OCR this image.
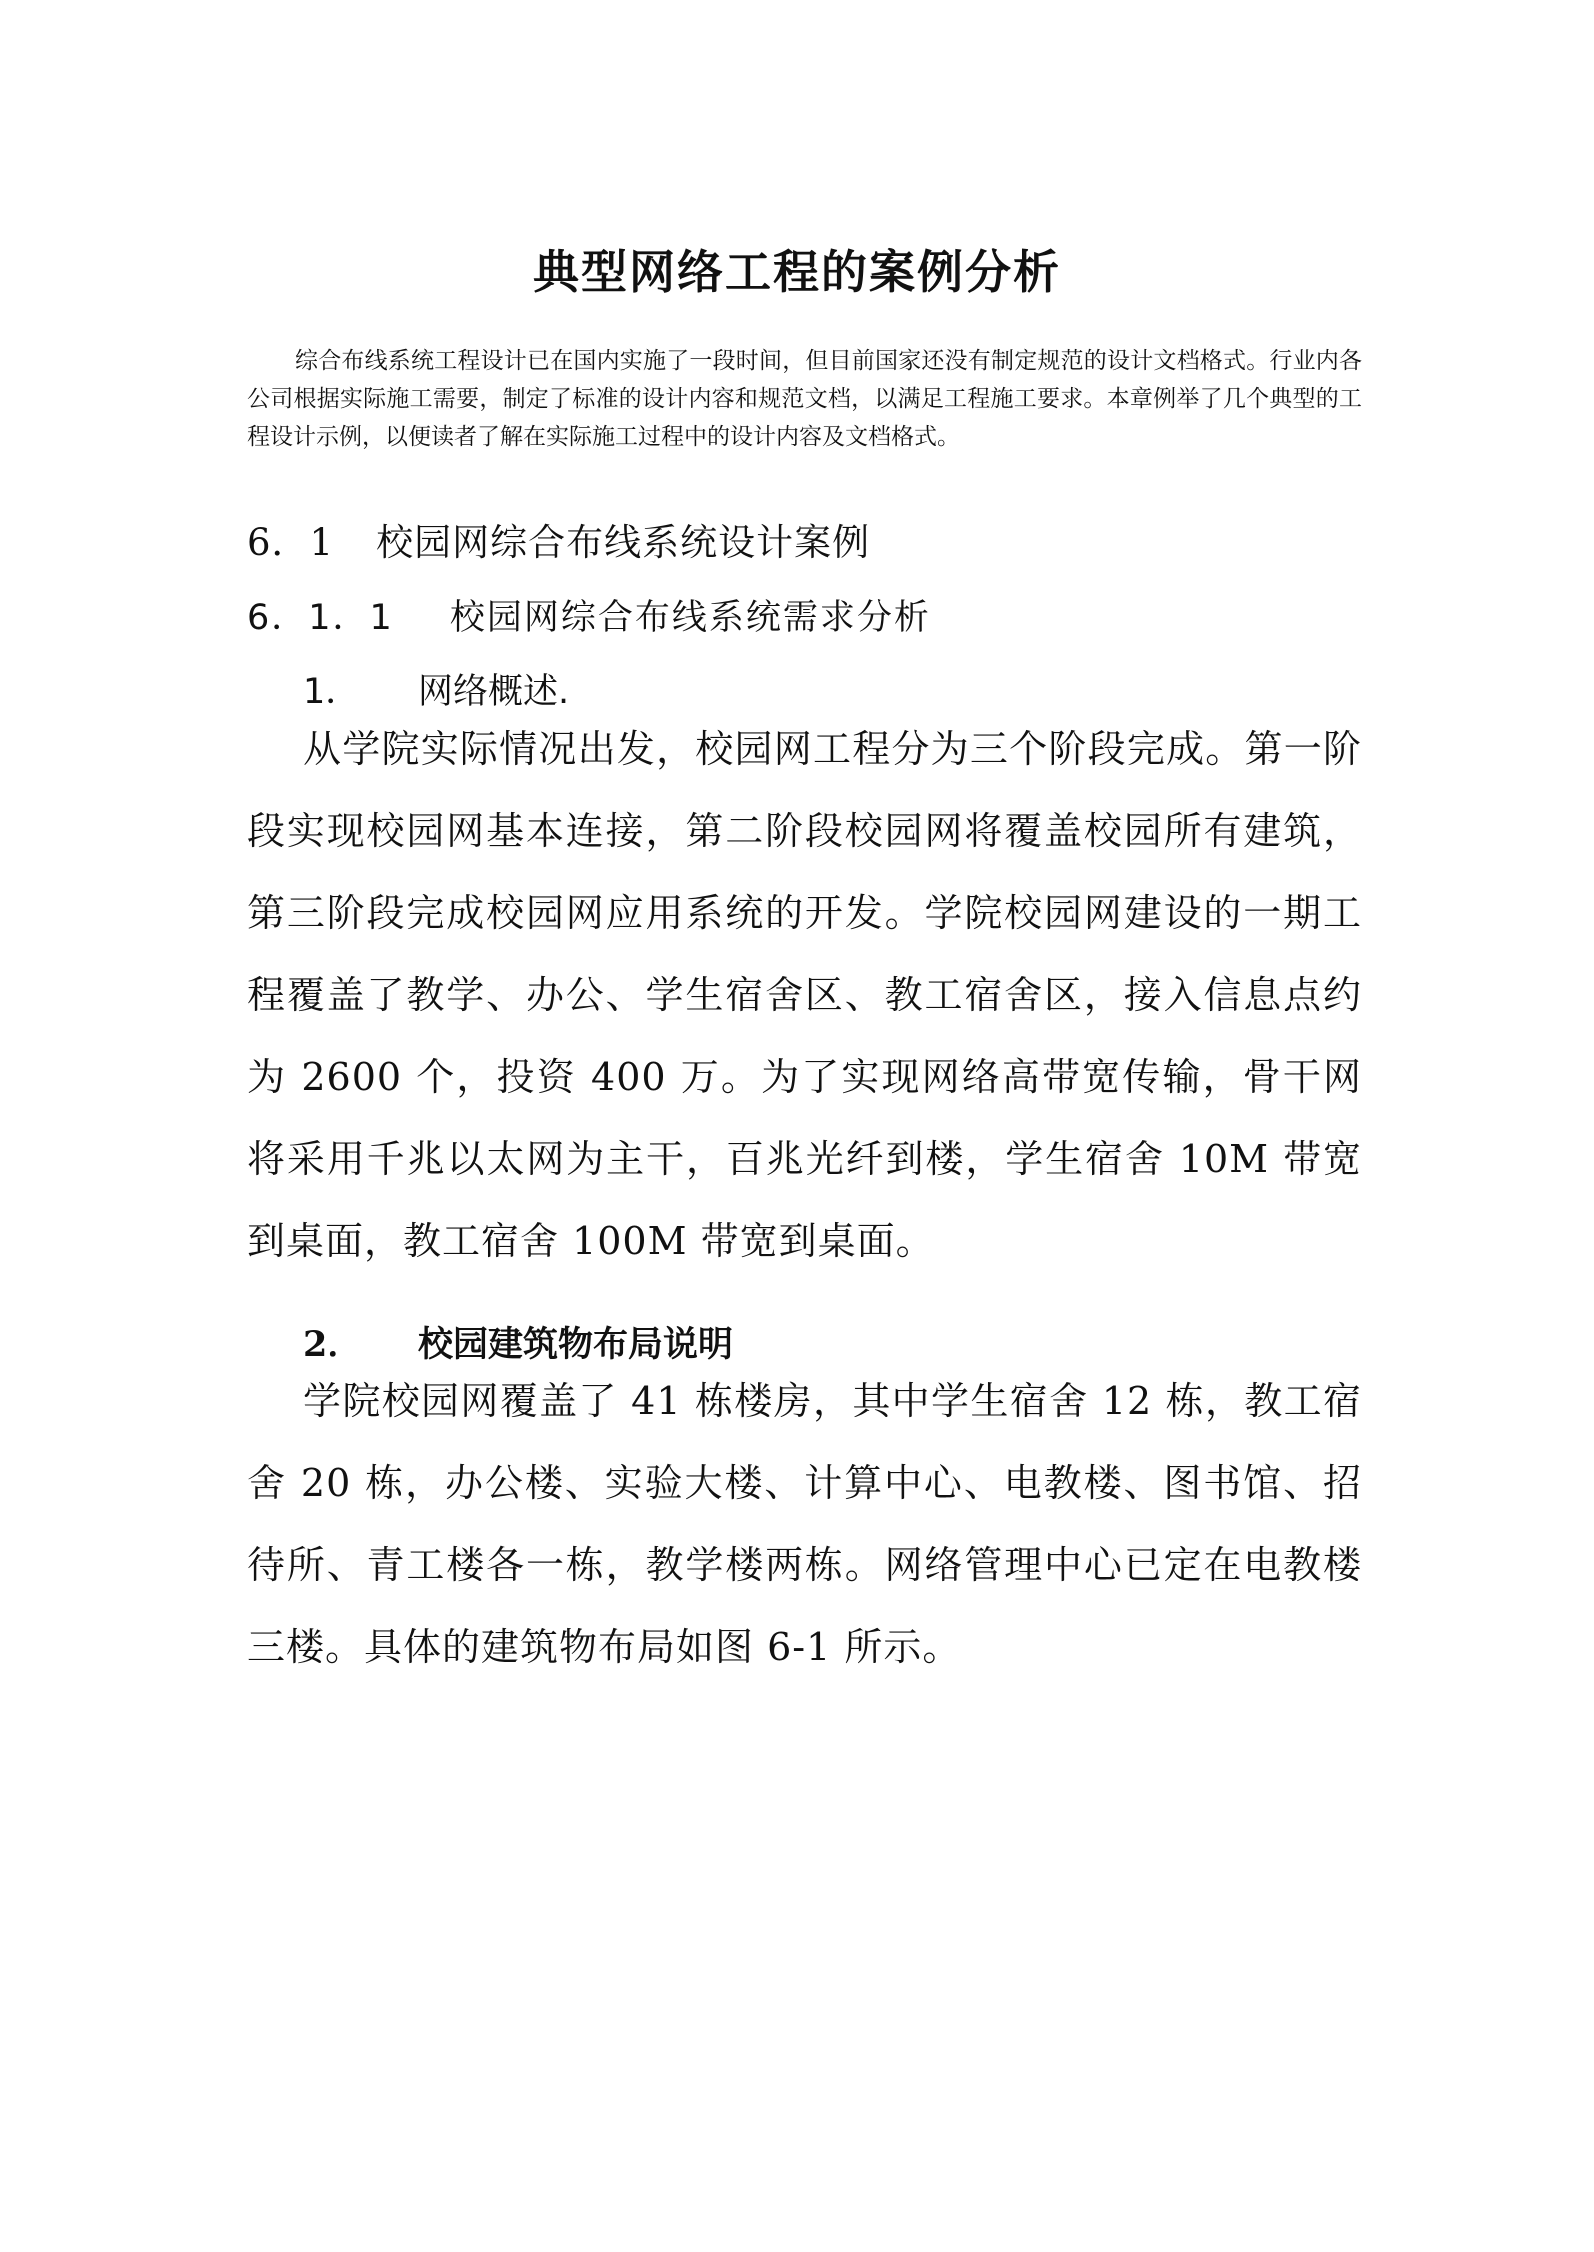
典型网络工程的案例分析
综合布线系统工程设计已在国内实施了一段时间，但目前国家还没有制定规范的设计文档格式。行业内各公司根据实际施工需要，制定了标准的设计内容和规范文档，以满足工程施工要求。本章例举了几个典型的工程设计示例，以便读者了解在实际施工过程中的设计内容及文档格式。
6．1 校园网综合布线系统设计案例
6．1．1 校园网综合布线系统需求分析
1． 网络概述.
从学院实际情况出发，校园网工程分为三个阶段完成。第一阶段实现校园网基本连接，第二阶段校园网将覆盖校园所有建筑，第三阶段完成校园网应用系统的开发。学院校园网建设的一期工程覆盖了教学、办公、学生宿舍区、教工宿舍区，接入信息点约为 2600 个，投资 400 万。为了实现网络高带宽传输，骨干网将采用千兆以太网为主干，百兆光纤到楼，学生宿舍 10M 带宽到桌面，教工宿舍 100M 带宽到桌面。
2． 校园建筑物布局说明
学院校园网覆盖了 41 栋楼房，其中学生宿舍 12 栋，教工宿舍 20 栋，办公楼、实验大楼、计算中心、电教楼、图书馆、招待所、青工楼各一栋，教学楼两栋。网络管理中心已定在电教楼三楼。具体的建筑物布局如图 6-1 所示。
